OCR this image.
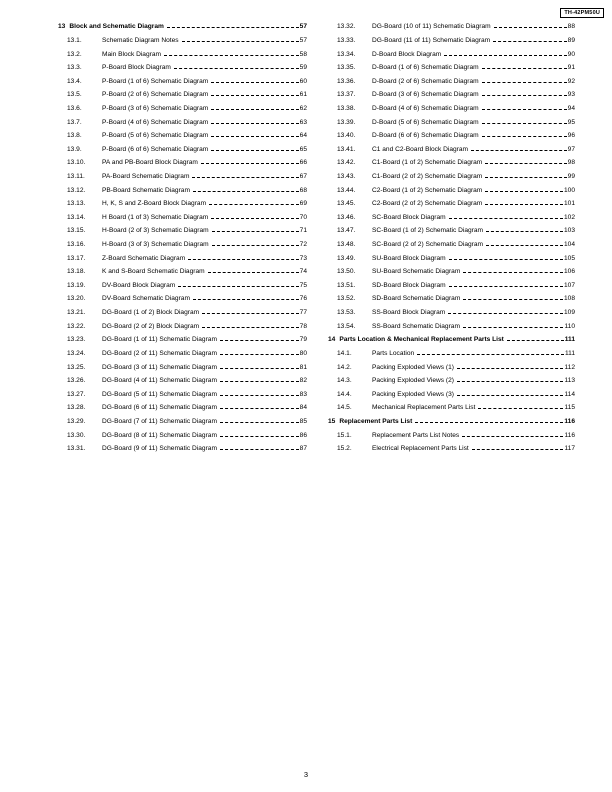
TH-42PM50U
13 Block and Schematic Diagram	57
13.1.	Schematic Diagram Notes	57
13.2.	Main Block Diagram	58
13.3.	P-Board Block Diagram	59
13.4.	P-Board (1 of 6) Schematic Diagram	60
13.5.	P-Board (2 of 6) Schematic Diagram	61
13.6.	P-Board (3 of 6) Schematic Diagram	62
13.7.	P-Board (4 of 6) Schematic Diagram	63
13.8.	P-Board (5 of 6) Schematic Diagram	64
13.9.	P-Board (6 of 6) Schematic Diagram	65
13.10.	PA and PB-Board Block Diagram	66
13.11.	PA-Board Schematic Diagram	67
13.12.	PB-Board Schematic Diagram	68
13.13.	H, K, S and Z-Board Block Diagram	69
13.14.	H Board (1 of 3) Schematic Diagram	70
13.15.	H-Board (2 of 3) Schematic Diagram	71
13.16.	H-Board (3 of 3) Schematic Diagram	72
13.17.	Z-Board Schematic Diagram	73
13.18.	K and S-Board Schematic Diagram	74
13.19.	DV-Board Block Diagram	75
13.20.	DV-Board Schematic Diagram	76
13.21.	DG-Board (1 of 2) Block Diagram	77
13.22.	DG-Board (2 of 2) Block Diagram	78
13.23.	DG-Board (1 of 11) Schematic Diagram	79
13.24.	DG-Board (2 of 11) Schematic Diagram	80
13.25.	DG-Board (3 of 11) Schematic Diagram	81
13.26.	DG-Board (4 of 11) Schematic Diagram	82
13.27.	DG-Board (5 of 11) Schematic Diagram	83
13.28.	DG-Board (6 of 11) Schematic Diagram	84
13.29.	DG-Board (7 of 11) Schematic Diagram	85
13.30.	DG-Board (8 of 11) Schematic Diagram	86
13.31.	DG-Board (9 of 11) Schematic Diagram	87
13.32.	DG-Board (10 of 11) Schematic Diagram	88
13.33.	DG-Board (11 of 11) Schematic Diagram	89
13.34.	D-Board Block Diagram	90
13.35.	D-Board (1 of 6) Schematic Diagram	91
13.36.	D-Board (2 of 6) Schematic Diagram	92
13.37.	D-Board (3 of 6) Schematic Diagram	93
13.38.	D-Board (4 of 6) Schematic Diagram	94
13.39.	D-Board (5 of 6) Schematic Diagram	95
13.40.	D-Board (6 of 6) Schematic Diagram	96
13.41.	C1 and C2-Board Block Diagram	97
13.42.	C1-Board (1 of 2) Schematic Diagram	98
13.43.	C1-Board (2 of 2) Schematic Diagram	99
13.44.	C2-Board (1 of 2) Schematic Diagram	100
13.45.	C2-Board (2 of 2) Schematic Diagram	101
13.46.	SC-Board Block Diagram	102
13.47.	SC-Board (1 of 2) Schematic Diagram	103
13.48.	SC-Board (2 of 2) Schematic Diagram	104
13.49.	SU-Board Block Diagram	105
13.50.	SU-Board Schematic Diagram	106
13.51.	SD-Board Block Diagram	107
13.52.	SD-Board Schematic Diagram	108
13.53.	SS-Board Block Diagram	109
13.54.	SS-Board Schematic Diagram	110
14 Parts Location & Mechanical Replacement Parts List	111
14.1.	Parts Location	111
14.2.	Packing Exploded Views (1)	112
14.3.	Packing Exploded Views (2)	113
14.4.	Packing Exploded Views (3)	114
14.5.	Mechanical Replacement Parts List	115
15 Replacement Parts List	116
15.1.	Replacement Parts List Notes	116
15.2.	Electrical Replacement Parts List	117
3
